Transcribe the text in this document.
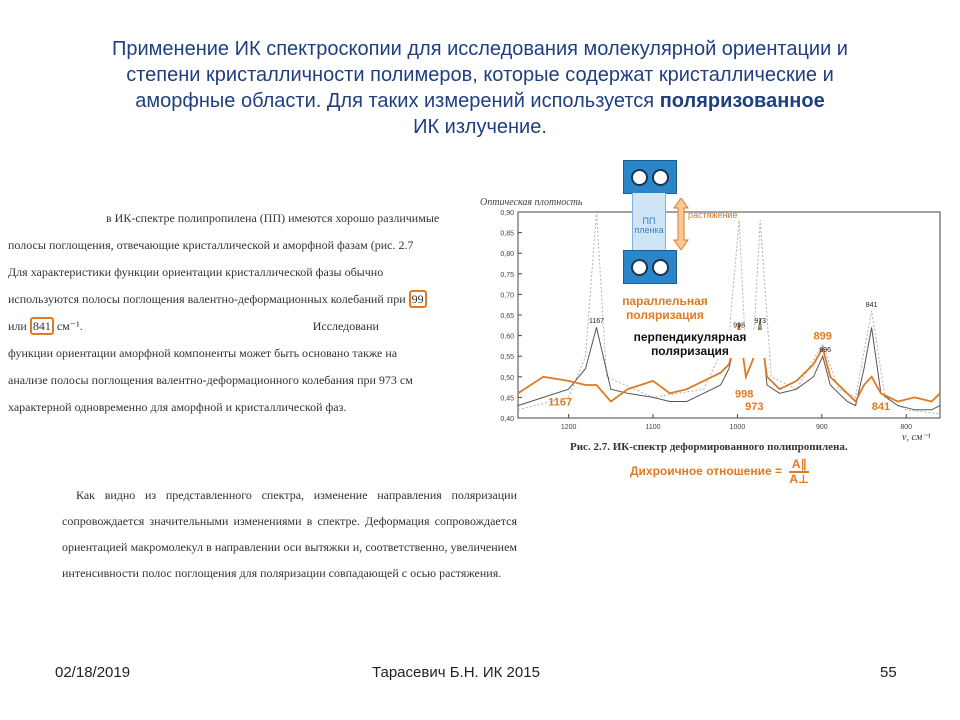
Применение ИК спектроскопии для исследования молекулярной ориентации и
степени кристалличности полимеров, которые содержат кристаллические и
аморфные области. Для таких измерений используется поляризованное
ИК излучение.
в ИК-спектре полипропилена (ПП) имеются хорошо различимые
полосы поглощения, отвечающие кристаллической и аморфной фазам (рис. 2.7
Для характеристики функции ориентации кристаллической фазы обычно
используются полосы поглощения валентно-деформационных колебаний при 99
или 841 см⁻¹.	Исследовани
функции ориентации аморфной компоненты может быть основано также на
анализе полосы поглощения валентно-деформационного колебания при 973 см
характерной одновременно для аморфной и кристаллической фаз.
Как видно из представленного спектра, изменение направления поляризации сопровождается значительными изменениями в спектре. Деформация сопровождается ориентацией макромолекул в направлении оси вытяжки и, соответственно, увеличением интенсивности полос поглощения для поляризации совпадающей с осью растяжения.
Оптическая плотность
0,90
0,85
0,80
0,75
0,70
0,65
0,60
0,55
0,50
0,45
0,40
1200	1100	1000	900	800
1167
998
973
896
841
1167
998
973
899
841
ν, см⁻¹
Рис. 2.7. ИК-спектр деформированного полипропилена.
ПП пленка
растяжение
параллельная поляризация
перпендикулярная поляризация
Дихроичное отношение = $\frac{A\parallel}{A\perp}$
02/18/2019	Тарасевич Б.Н. ИК 2015	55
